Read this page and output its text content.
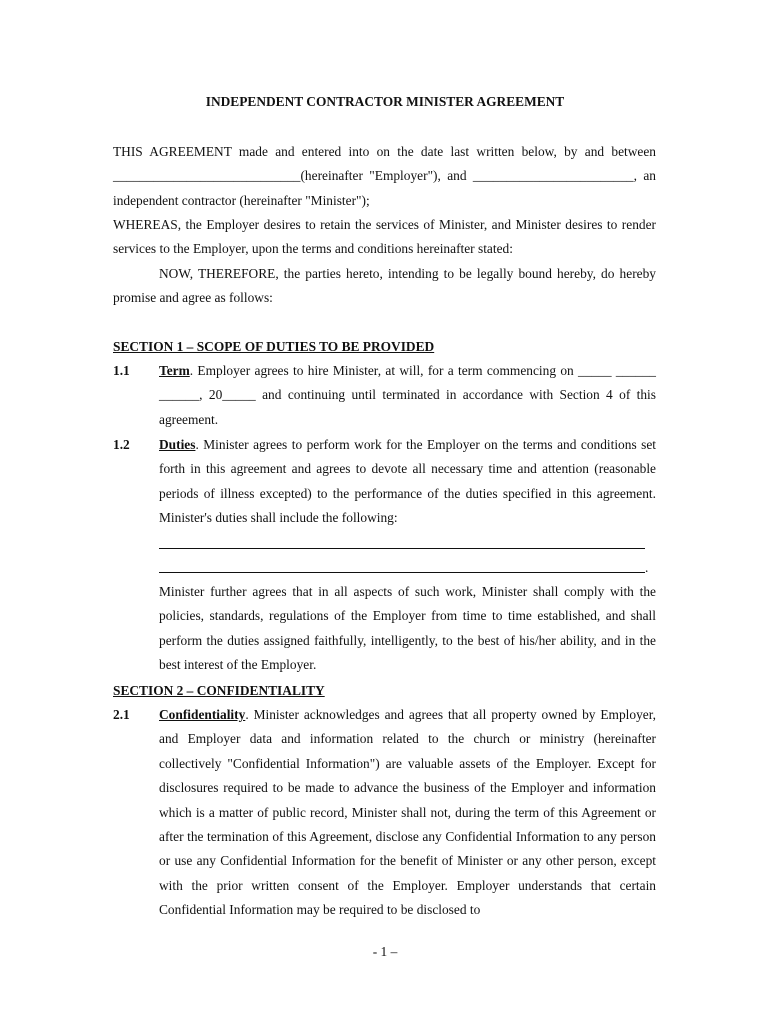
INDEPENDENT CONTRACTOR MINISTER AGREEMENT

THIS AGREEMENT made and entered into on the date last written below, by and between ____________________________(hereinafter "Employer"), and ________________________, an independent contractor (hereinafter "Minister");

WHEREAS, the Employer desires to retain the services of Minister, and Minister desires to render services to the Employer, upon the terms and conditions hereinafter stated:

NOW, THEREFORE, the parties hereto, intending to be legally bound hereby, do hereby promise and agree as follows:

SECTION 1 – SCOPE OF DUTIES TO BE PROVIDED
1.1 Term. Employer agrees to hire Minister, at will, for a term commencing on _____ ______ ______, 20_____ and continuing until terminated in accordance with Section 4 of this agreement.

1.2 Duties. Minister agrees to perform work for the Employer on the terms and conditions set forth in this agreement and agrees to devote all necessary time and attention (reasonable periods of illness excepted) to the performance of the duties specified in this agreement. Minister's duties shall include the following:

.

Minister further agrees that in all aspects of such work, Minister shall comply with the policies, standards, regulations of the Employer from time to time established, and shall perform the duties assigned faithfully, intelligently, to the best of his/her ability, and in the best interest of the Employer.

SECTION 2 – CONFIDENTIALITY
2.1 Confidentiality. Minister acknowledges and agrees that all property owned by Employer, and Employer data and information related to the church or ministry (hereinafter collectively "Confidential Information") are valuable assets of the Employer. Except for disclosures required to be made to advance the business of the Employer and information which is a matter of public record, Minister shall not, during the term of this Agreement or after the termination of this Agreement, disclose any Confidential Information to any person or use any Confidential Information for the benefit of Minister or any other person, except with the prior written consent of the Employer. Employer understands that certain Confidential Information may be required to be disclosed to

- 1 –
